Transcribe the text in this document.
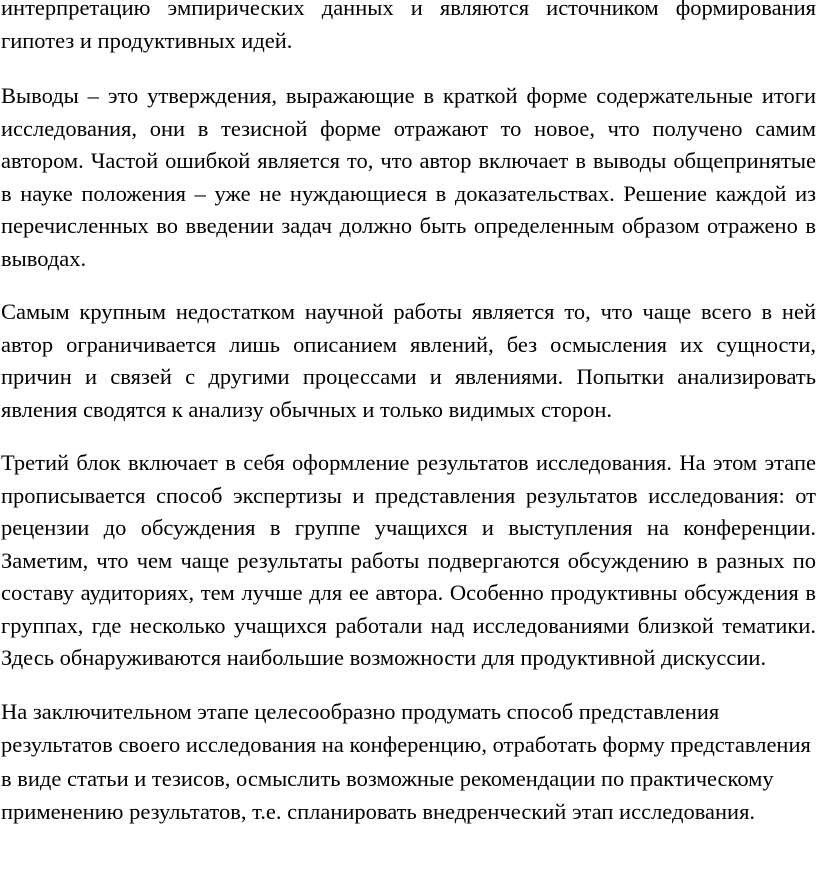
интерпретацию эмпирических данных и являются источником формирования гипотез и продуктивных идей.

Выводы – это утверждения, выражающие в краткой форме содержательные итоги исследования, они в тезисной форме отражают то новое, что получено самим автором. Частой ошибкой является то, что автор включает в выводы общепринятые в науке положения – уже не нуждающиеся в доказательствах. Решение каждой из перечисленных во введении задач должно быть определенным образом отражено в выводах.

Самым крупным недостатком научной работы является то, что чаще всего в ней автор ограничивается лишь описанием явлений, без осмысления их сущности, причин и связей с другими процессами и явлениями. Попытки анализировать явления сводятся к анализу обычных и только видимых сторон.

Третий блок включает в себя оформление результатов исследования. На этом этапе прописывается способ экспертизы и представления результатов исследования: от рецензии до обсуждения в группе учащихся и выступления на конференции. Заметим, что чем чаще результаты работы подвергаются обсуждению в разных по составу аудиториях, тем лучше для ее автора. Особенно продуктивны обсуждения в группах, где несколько учащихся работали над исследованиями близкой тематики. Здесь обнаруживаются наибольшие возможности для продуктивной дискуссии.

На заключительном этапе целесообразно продумать способ представления результатов своего исследования на конференцию, отработать форму представления в виде статьи и тезисов, осмыслить возможные рекомендации по практическому применению результатов, т.е. спланировать внедренческий этап исследования.
